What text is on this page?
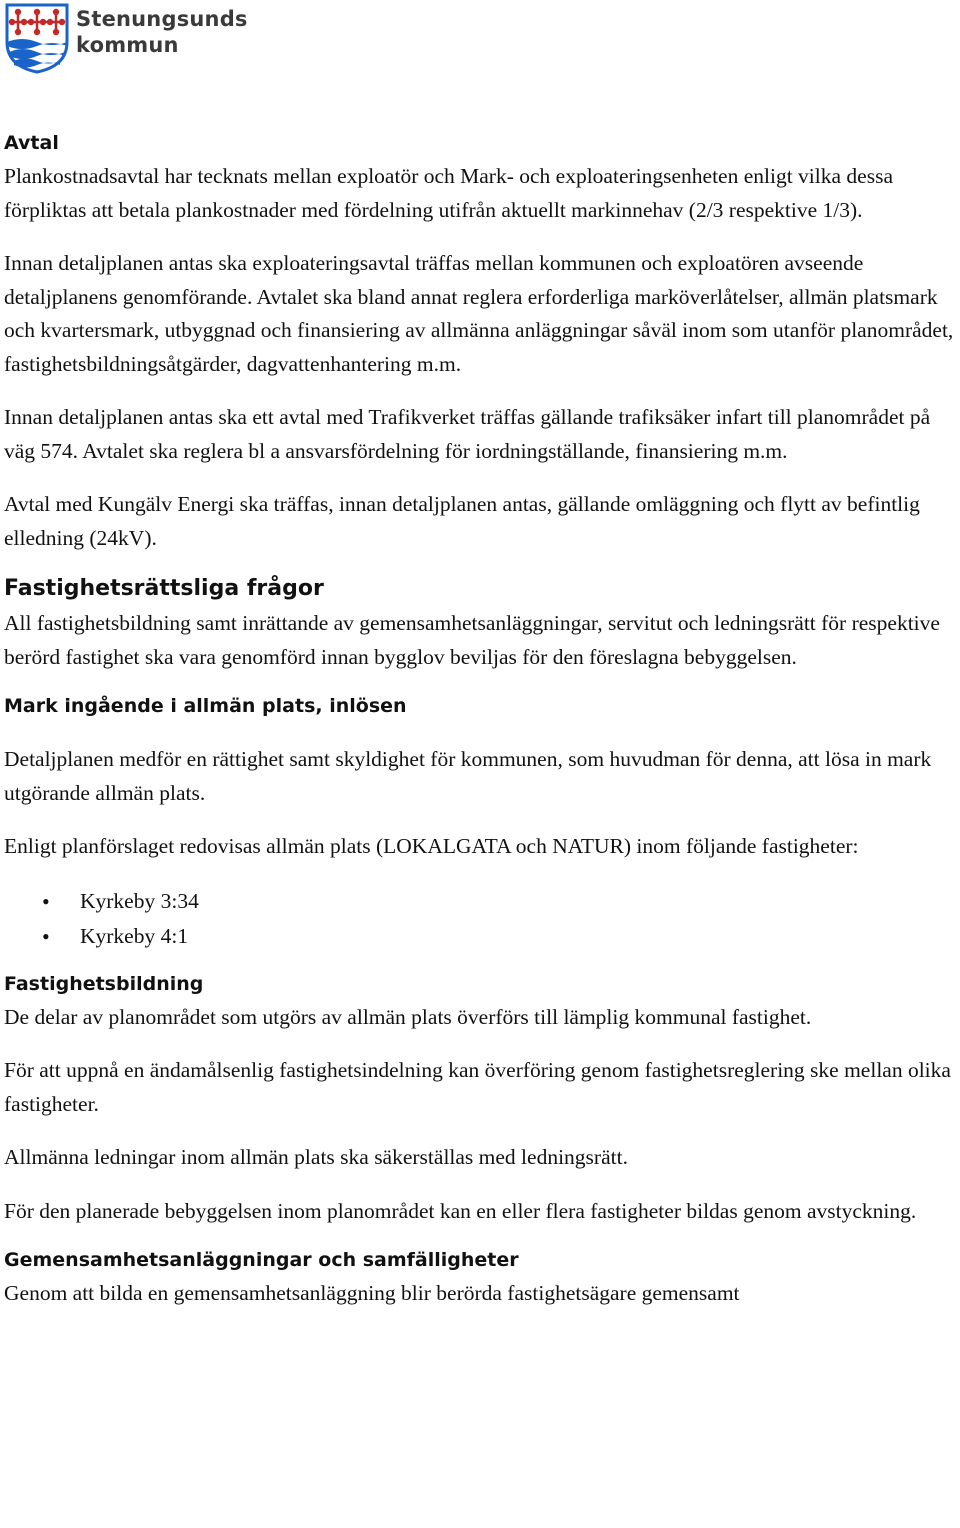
Stenungsunds
kommun
Avtal

Plankostnadsavtal har tecknats mellan exploatör och Mark- och exploateringsenheten enligt vilka dessa förpliktas att betala plankostnader med fördelning utifrån aktuellt markinnehav (2/3 respektive 1/3).

Innan detaljplanen antas ska exploateringsavtal träffas mellan kommunen och exploatören avseende detaljplanens genomförande. Avtalet ska bland annat reglera erforderliga marköverlåtelser, allmän platsmark och kvartersmark, utbyggnad och finansiering av allmänna anläggningar såväl inom som utanför planområdet, fastighetsbildningsåtgärder, dagvattenhantering m.m.

Innan detaljplanen antas ska ett avtal med Trafikverket träffas gällande trafiksäker infart till planområdet på väg 574. Avtalet ska reglera bl a ansvarsfördelning för iordningställande, finansiering m.m.

Avtal med Kungälv Energi ska träffas, innan detaljplanen antas, gällande omläggning och flytt av befintlig elledning (24kV).

Fastighetsrättsliga frågor

All fastighetsbildning samt inrättande av gemensamhetsanläggningar, servitut och ledningsrätt för respektive berörd fastighet ska vara genomförd innan bygglov beviljas för den föreslagna bebyggelsen.

Mark ingående i allmän plats, inlösen

Detaljplanen medför en rättighet samt skyldighet för kommunen, som huvudman för denna, att lösa in mark utgörande allmän plats.

Enligt planförslaget redovisas allmän plats (LOKALGATA och NATUR) inom följande fastigheter:

• Kyrkeby 3:34
• Kyrkeby 4:1
Fastighetsbildning

De delar av planområdet som utgörs av allmän plats överförs till lämplig kommunal fastighet.

För att uppnå en ändamålsenlig fastighetsindelning kan överföring genom fastighetsreglering ske mellan olika fastigheter.

Allmänna ledningar inom allmän plats ska säkerställas med ledningsrätt.

För den planerade bebyggelsen inom planområdet kan en eller flera fastigheter bildas genom avstyckning.

Gemensamhetsanläggningar och samfälligheter

Genom att bilda en gemensamhetsanläggning blir berörda fastighetsägare gemensamt
